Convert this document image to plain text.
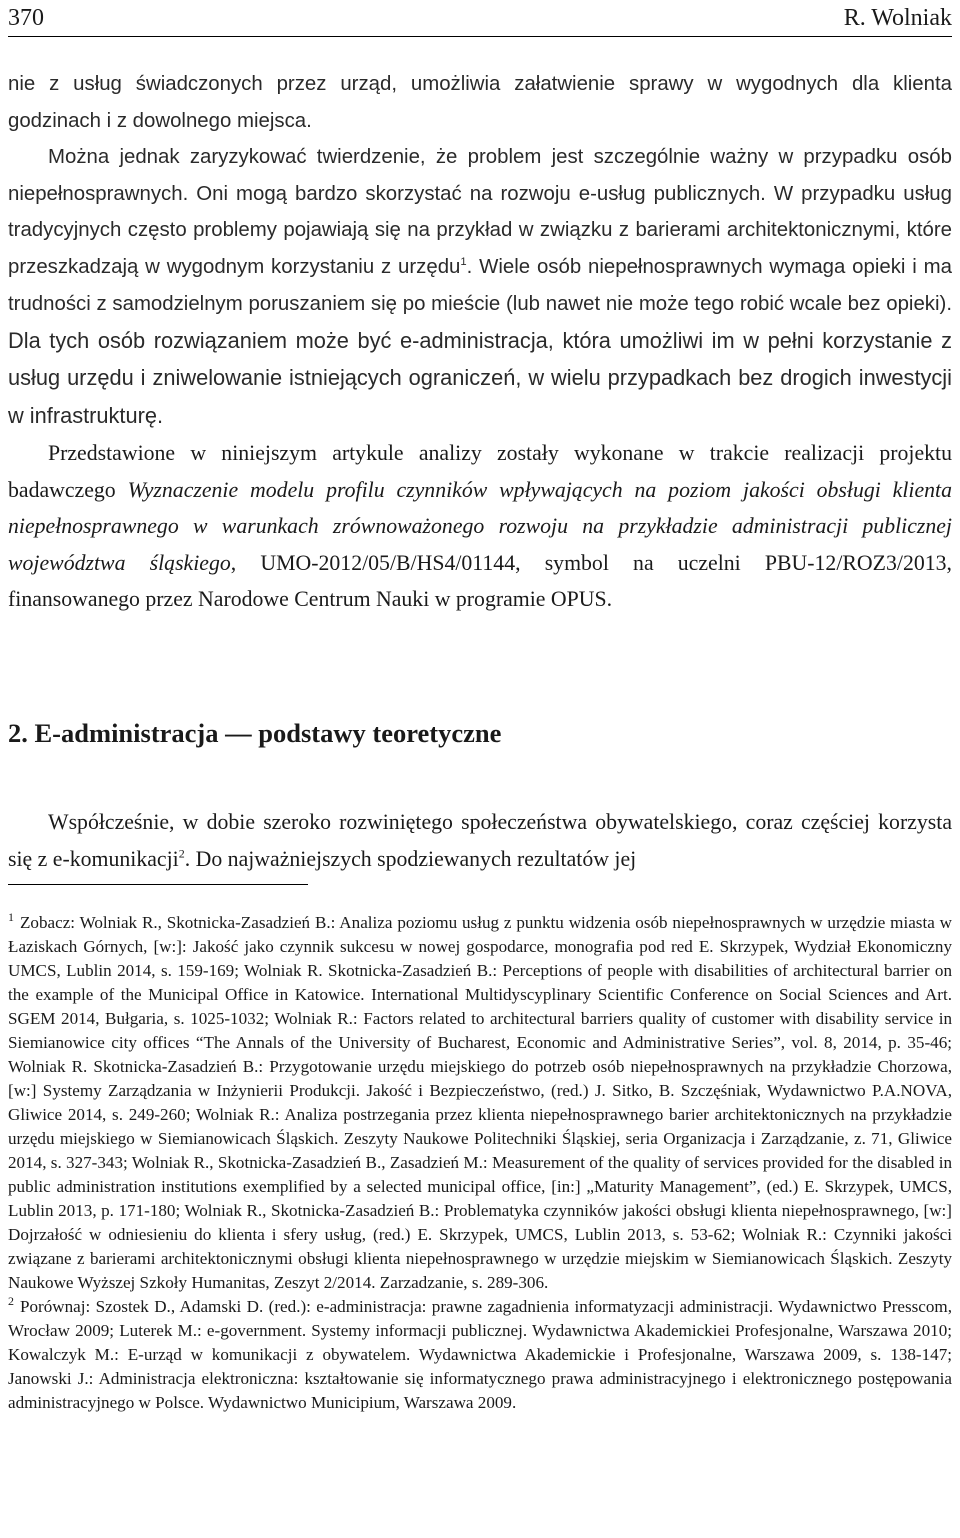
370	R. Wolniak

nie z usług świadczonych przez urząd, umożliwia załatwienie sprawy w wygodnych dla klienta godzinach i z dowolnego miejsca.

Można jednak zaryzykować twierdzenie, że problem jest szczególnie ważny w przypadku osób niepełnosprawnych. Oni mogą bardzo skorzystać na rozwoju e-usług publicznych. W przypadku usług tradycyjnych często problemy pojawiają się na przykład w związku z barierami architektonicznymi, które przeszkadzają w wygodnym korzystaniu z urzędu$^1$. Wiele osób niepełnosprawnych wymaga opieki i ma trudności z samodzielnym poruszaniem się po mieście (lub nawet nie może tego robić wcale bez opieki). Dla tych osób rozwiązaniem może być e-administracja, która umożliwi im w pełni korzystanie z usług urzędu i zniwelowanie istniejących ograniczeń, w wielu przypadkach bez drogich inwestycji w infrastrukturę.

Przedstawione w niniejszym artykule analizy zostały wykonane w trakcie realizacji projektu badawczego Wyznaczenie modelu profilu czynników wpływających na poziom jakości obsługi klienta niepełnosprawnego w warunkach zrównoważonego rozwoju na przykładzie administracji publicznej województwa śląskiego, UMO-2012/05/B/HS4/01144, symbol na uczelni PBU-12/ROZ3/2013, finansowanego przez Narodowe Centrum Nauki w programie OPUS.

2. E-administracja — podstawy teoretyczne

Współcześnie, w dobie szeroko rozwiniętego społeczeństwa obywatelskiego, coraz częściej korzysta się z e-komunikacji$^2$. Do najważniejszych spodziewanych rezultatów jej

$^1$ Zobacz: Wolniak R., Skotnicka-Zasadzień B.: Analiza poziomu usług z punktu widzenia osób niepełnosprawnych w urzędzie miasta w Łaziskach Górnych, [w:]: Jakość jako czynnik sukcesu w nowej gospodarce, monografia pod red E. Skrzypek, Wydział Ekonomiczny UMCS, Lublin 2014, s. 159-169; Wolniak R. Skotnicka-Zasadzień B.: Perceptions of people with disabilities of architectural barrier on the example of the Municipal Office in Katowice. International Multidyscyplinary Scientific Conference on Social Sciences and Art. SGEM 2014, Bułgaria, s. 1025-1032; Wolniak R.: Factors related to architectural barriers quality of customer with disability service in Siemianowice city offices “The Annals of the University of Bucharest, Economic and Administrative Series”, vol. 8, 2014, p. 35-46; Wolniak R. Skotnicka-Zasadzień B.: Przygotowanie urzędu miejskiego do potrzeb osób niepełnosprawnych na przykładzie Chorzowa, [w:] Systemy Zarządzania w Inżynierii Produkcji. Jakość i Bezpieczeństwo, (red.) J. Sitko, B. Szczęśniak, Wydawnictwo P.A.NOVA, Gliwice 2014, s. 249-260; Wolniak R.: Analiza postrzegania przez klienta niepełnosprawnego barier architektonicznych na przykładzie urzędu miejskiego w Siemianowicach Śląskich. Zeszyty Naukowe Politechniki Śląskiej, seria Organizacja i Zarządzanie, z. 71, Gliwice 2014, s. 327-343; Wolniak R., Skotnicka-Zasadzień B., Zasadzień M.: Measurement of the quality of services provided for the disabled in public administration institutions exemplified by a selected municipal office, [in:] „Maturity Management”, (ed.) E. Skrzypek, UMCS, Lublin 2013, p. 171-180; Wolniak R., Skotnicka-Zasadzień B.: Problematyka czynników jakości obsługi klienta niepełnosprawnego, [w:] Dojrzałość w odniesieniu do klienta i sfery usług, (red.) E. Skrzypek, UMCS, Lublin 2013, s. 53-62; Wolniak R.: Czynniki jakości związane z barierami architektonicznymi obsługi klienta niepełnosprawnego w urzędzie miejskim w Siemianowicach Śląskich. Zeszyty Naukowe Wyższej Szkoły Humanitas, Zeszyt 2/2014. Zarzadzanie, s. 289-306.

$^2$ Porównaj: Szostek D., Adamski D. (red.): e-administracja: prawne zagadnienia informatyzacji administracji. Wydawnictwo Presscom, Wrocław 2009; Luterek M.: e-government. Systemy informacji publicznej. Wydawnictwa Akademickiei Profesjonalne, Warszawa 2010; Kowalczyk M.: E-urząd w komunikacji z obywatelem. Wydawnictwa Akademickie i Profesjonalne, Warszawa 2009, s. 138-147; Janowski J.: Administracja elektroniczna: kształtowanie się informatycznego prawa administracyjnego i elektronicznego postępowania administracyjnego w Polsce. Wydawnictwo Municipium, Warszawa 2009.
